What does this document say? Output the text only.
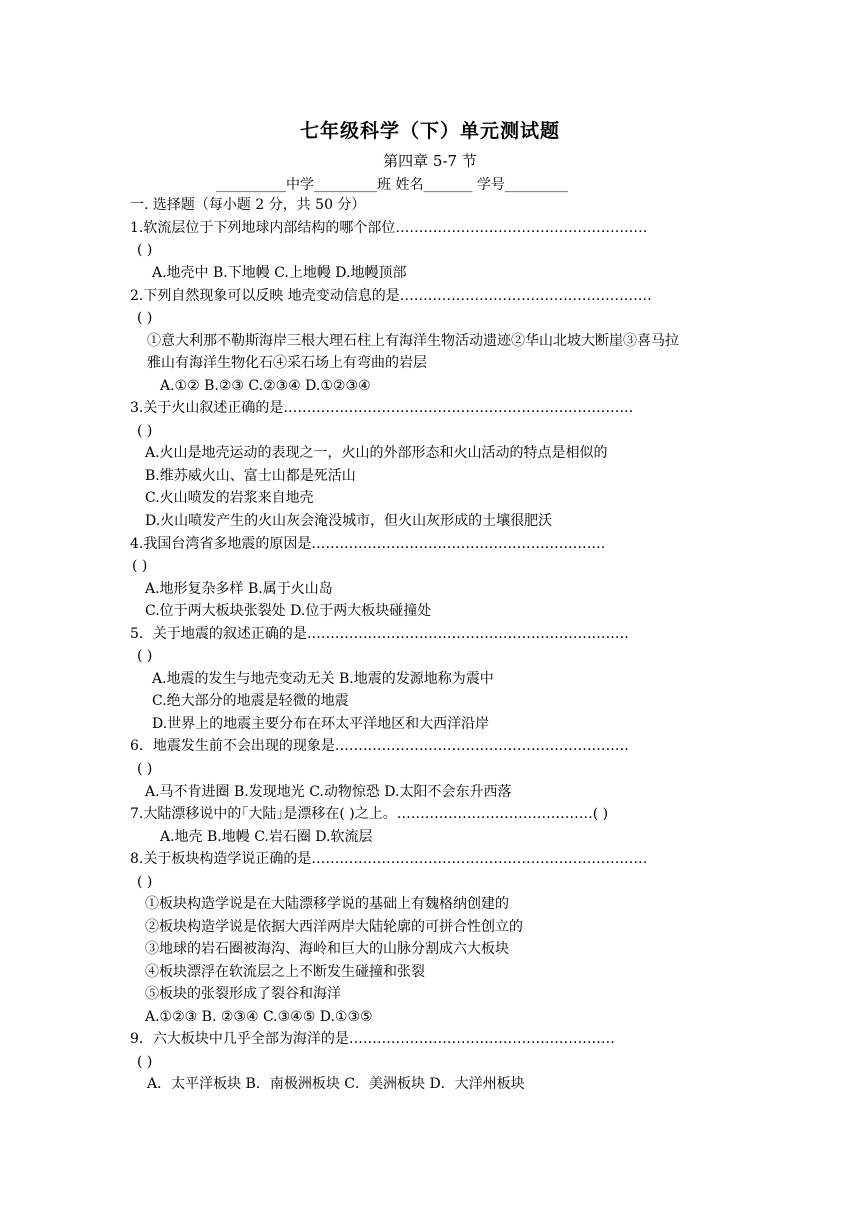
七年级科学（下）单元测试题
第四章 5-7 节
__________中学_________班 姓名_______ 学号_________
一. 选择题（每小题 2 分，共 50 分）
1.软流层位于下列地球内部结构的哪个部位………………………………………………
( )
A.地壳中 B.下地幔 C.上地幔 D.地幔顶部
2.下列自然现象可以反映 地壳变动信息的是………………………………………………
( )
①意大利那不勒斯海岸三根大理石柱上有海洋生物活动遗迹②华山北坡大断崖③喜马拉
雅山有海洋生物化石④采石场上有弯曲的岩层
A.①② B.②③ C.②③④ D.①②③④
3.关于火山叙述正确的是…………………………………………………………………
( )
A.火山是地壳运动的表现之一，火山的外部形态和火山活动的特点是相似的
B.维苏威火山、富士山都是死活山
C.火山喷发的岩浆来自地壳
D.火山喷发产生的火山灰会淹没城市，但火山灰形成的土壤很肥沃
4.我国台湾省多地震的原因是………………………………………………………
( )
A.地形复杂多样 B.属于火山岛
C.位于两大板块张裂处 D.位于两大板块碰撞处
5．关于地震的叙述正确的是……………………………………………………………
( )
A.地震的发生与地壳变动无关 B.地震的发源地称为震中
C.绝大部分的地震是轻微的地震
D.世界上的地震主要分布在环太平洋地区和大西洋沿岸
6．地震发生前不会出现的现象是………………………………………………………
( )
A.马不肯进圈 B.发现地光 C.动物惊恐 D.太阳不会东升西落
7.大陆漂移说中的｢大陆｣是漂移在( )之上。……………………………………( )
A.地壳 B.地幔 C.岩石圈 D.软流层
8.关于板块构造学说正确的是………………………………………………………………
( )
①板块构造学说是在大陆漂移学说的基础上有魏格纳创建的
②板块构造学说是依据大西洋两岸大陆轮廓的可拼合性创立的
③地球的岩石圈被海沟、海岭和巨大的山脉分割成六大板块
④板块漂浮在软流层之上不断发生碰撞和张裂
⑤板块的张裂形成了裂谷和海洋
A.①②③ B. ②③④ C.③④⑤ D.①③⑤
9．六大板块中几乎全部为海洋的是…………………………………………………
( )
A．太平洋板块 B．南极洲板块 C．美洲板块 D．大洋州板块
